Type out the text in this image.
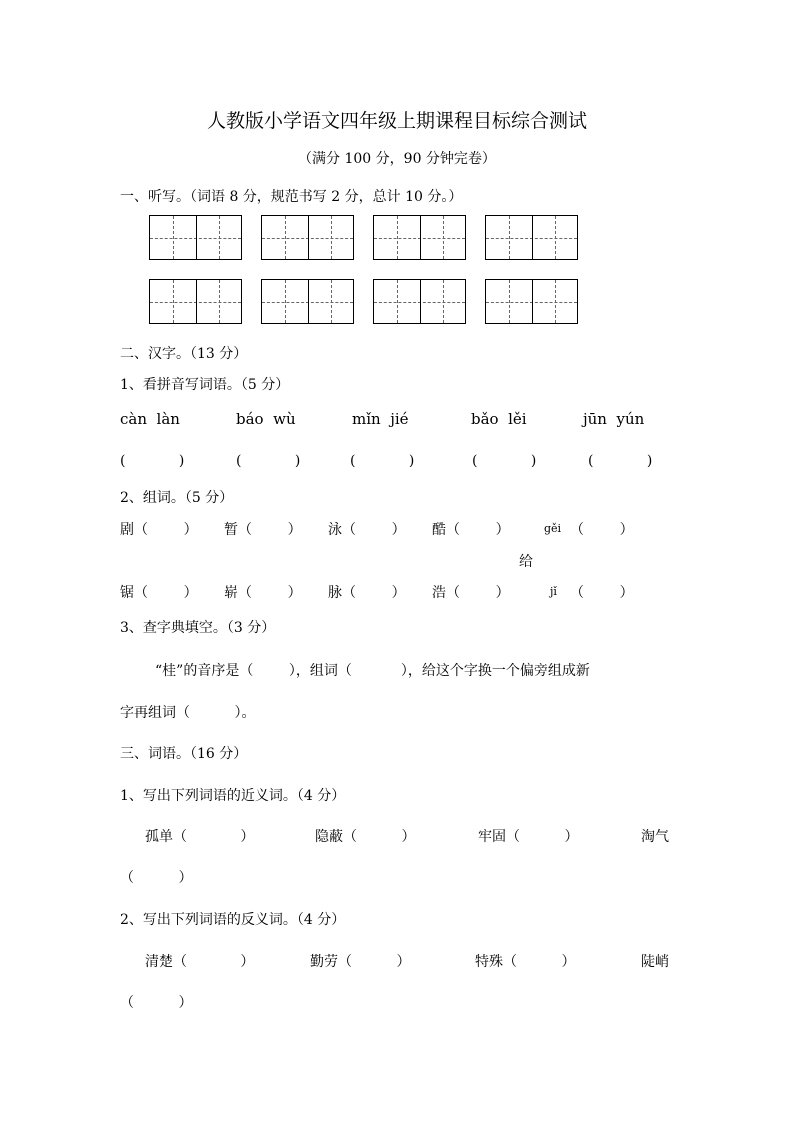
人教版小学语文四年级上期课程目标综合测试
（满分 100 分，90 分钟完卷）
一、听写。（词语 8 分，规范书写 2 分，总计 10 分。）
二、汉字。（13 分）
1、看拼音写词语。（5 分）
càn  làn	báo  wù	mǐn  jié	bǎo  lěi	jūn  yún
(            )	(            )	(            )	(            )	(            )
2、组词。（5 分）
剧（        ） 暂（        ） 泳（        ） 酷（        ）	gěi （        ）
给
锯（        ） 崭（        ） 脉（        ） 浩（        ）	jǐ （        ）
3、查字典填空。（3 分）
“桂”的音序是（        ），组词（           ），给这个字换一个偏旁组成新
字再组词（          ）。
三、词语。（16 分）
1、写出下列词语的近义词。（4 分）
孤单（            ）	隐蔽（          ）	牢固（          ）	淘气
（          ）
2、写出下列词语的反义词。（4 分）
清楚（            ）	勤劳（          ）	特殊（          ）	陡峭
（          ）
